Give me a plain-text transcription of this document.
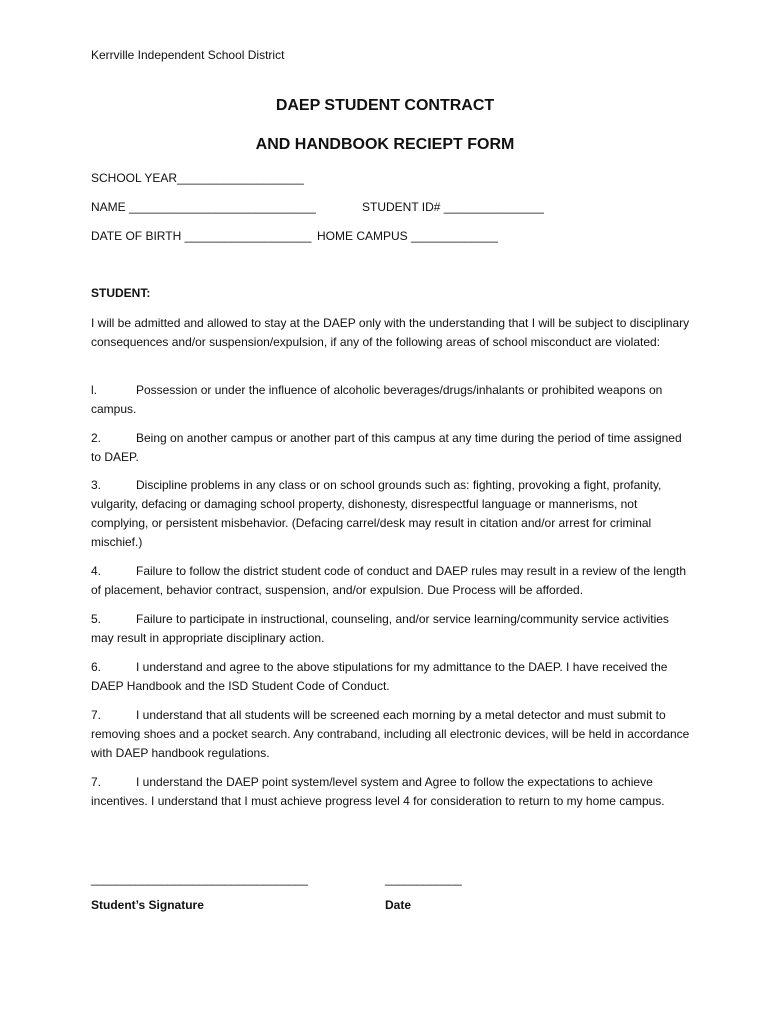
Kerrville Independent School District
DAEP STUDENT CONTRACT
AND HANDBOOK RECIEPT FORM
SCHOOL YEAR___________________
NAME ____________________________	STUDENT ID# _______________
DATE OF BIRTH ___________________ HOME CAMPUS _____________
STUDENT:
I will be admitted and allowed to stay at the DAEP only with the understanding that I will be subject to disciplinary consequences and/or suspension/expulsion, if any of the following areas of school misconduct are violated:
l.	Possession or under the influence of alcoholic beverages/drugs/inhalants or prohibited weapons on campus.
2.	Being on another campus or another part of this campus at any time during the period of time assigned to DAEP.
3.	Discipline problems in any class or on school grounds such as: fighting, provoking a fight, profanity, vulgarity, defacing or damaging school property, dishonesty, disrespectful language or mannerisms, not complying, or persistent misbehavior. (Defacing carrel/desk may result in citation and/or arrest for criminal mischief.)
4.	Failure to follow the district student code of conduct and DAEP rules may result in a review of the length of placement, behavior contract, suspension, and/or expulsion. Due Process will be afforded.
5.	Failure to participate in instructional, counseling, and/or service learning/community service activities may result in appropriate disciplinary action.
6.	I understand and agree to the above stipulations for my admittance to the DAEP. I have received the DAEP Handbook and the ISD Student Code of Conduct.
7.	I understand that all students will be screened each morning by a metal detector and must submit to removing shoes and a pocket search. Any contraband, including all electronic devices, will be held in accordance with DAEP handbook regulations.
7.	I understand the DAEP point system/level system and Agree to follow the expectations to achieve incentives. I understand that I must achieve progress level 4 for consideration to return to my home campus.
__________________________________	____________
Student’s Signature	Date
